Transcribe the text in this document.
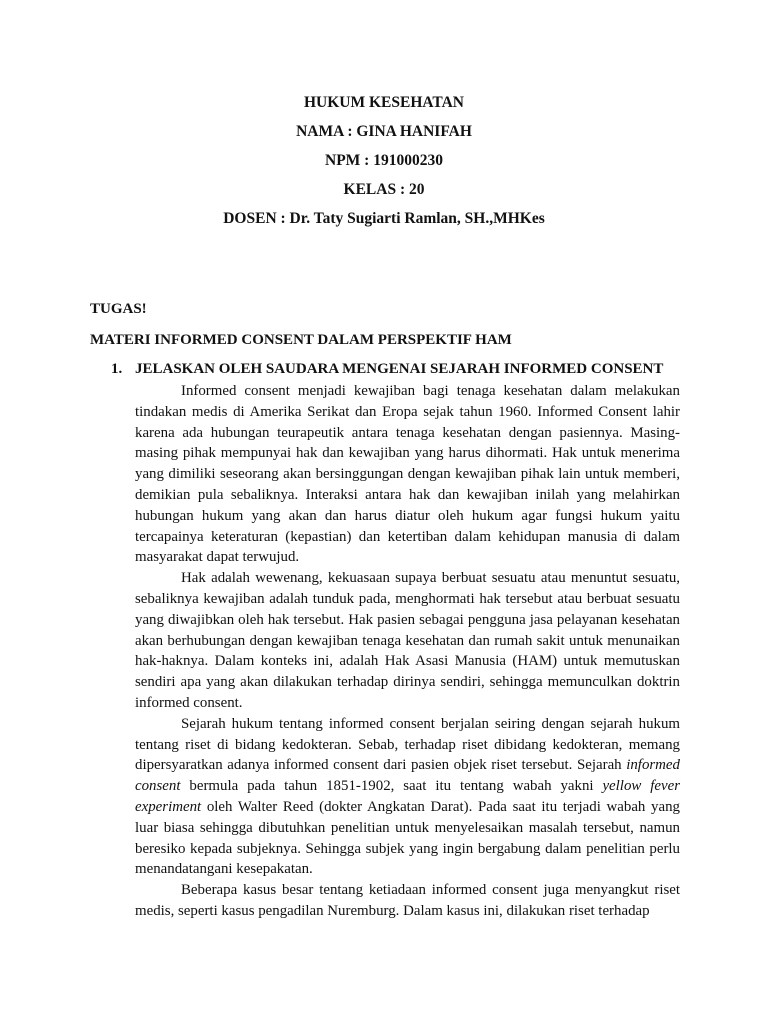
HUKUM KESEHATAN
NAMA : GINA HANIFAH
NPM : 191000230
KELAS : 20
DOSEN : Dr. Taty Sugiarti Ramlan, SH.,MHKes
TUGAS!
MATERI INFORMED CONSENT DALAM PERSPEKTIF HAM
1. JELASKAN OLEH SAUDARA MENGENAI SEJARAH INFORMED CONSENT

Informed consent menjadi kewajiban bagi tenaga kesehatan dalam melakukan tindakan medis di Amerika Serikat dan Eropa sejak tahun 1960. Informed Consent lahir karena ada hubungan teurapeutik antara tenaga kesehatan dengan pasiennya. Masing-masing pihak mempunyai hak dan kewajiban yang harus dihormati. Hak untuk menerima yang dimiliki seseorang akan bersinggungan dengan kewajiban pihak lain untuk memberi, demikian pula sebaliknya. Interaksi antara hak dan kewajiban inilah yang melahirkan hubungan hukum yang akan dan harus diatur oleh hukum agar fungsi hukum yaitu tercapainya keteraturan (kepastian) dan ketertiban dalam kehidupan manusia di dalam masyarakat dapat terwujud.

Hak adalah wewenang, kekuasaan supaya berbuat sesuatu atau menuntut sesuatu, sebaliknya kewajiban adalah tunduk pada, menghormati hak tersebut atau berbuat sesuatu yang diwajibkan oleh hak tersebut. Hak pasien sebagai pengguna jasa pelayanan kesehatan akan berhubungan dengan kewajiban tenaga kesehatan dan rumah sakit untuk menunaikan hak-haknya. Dalam konteks ini, adalah Hak Asasi Manusia (HAM) untuk memutuskan sendiri apa yang akan dilakukan terhadap dirinya sendiri, sehingga memunculkan doktrin informed consent.

Sejarah hukum tentang informed consent berjalan seiring dengan sejarah hukum tentang riset di bidang kedokteran. Sebab, terhadap riset dibidang kedokteran, memang dipersyaratkan adanya informed consent dari pasien objek riset tersebut. Sejarah informed consent bermula pada tahun 1851-1902, saat itu tentang wabah yakni yellow fever experiment oleh Walter Reed (dokter Angkatan Darat). Pada saat itu terjadi wabah yang luar biasa sehingga dibutuhkan penelitian untuk menyelesaikan masalah tersebut, namun beresiko kepada subjeknya. Sehingga subjek yang ingin bergabung dalam penelitian perlu menandatangani kesepakatan.

Beberapa kasus besar tentang ketiadaan informed consent juga menyangkut riset medis, seperti kasus pengadilan Nuremburg. Dalam kasus ini, dilakukan riset terhadap
